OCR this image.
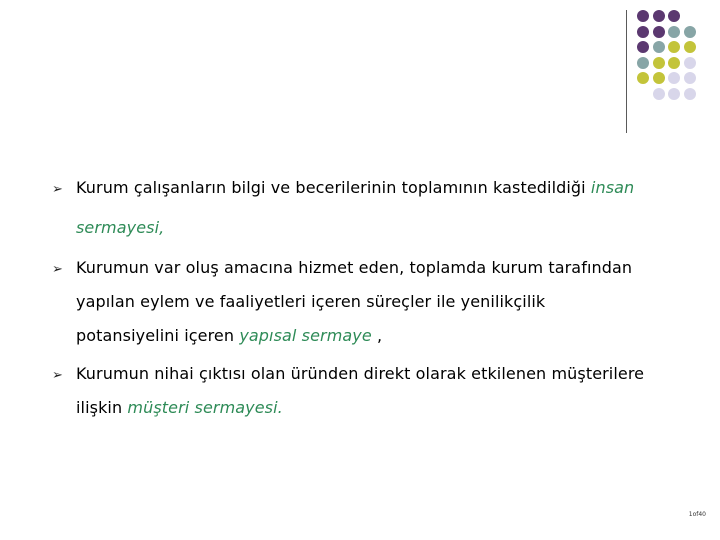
➢ Kurum çalışanların bilgi ve becerilerinin toplamının kastedildiği insan
sermayesi,
➢ Kurumun var oluş amacına hizmet eden, toplamda kurum tarafından
yapılan eylem ve faaliyetleri içeren süreçler ile yenilikçilik
potansiyelini içeren yapısal sermaye ,
➢ Kurumun nihai çıktısı olan üründen direkt olarak etkilenen müşterilere
ilişkin müşteri sermayesi.
1of40
